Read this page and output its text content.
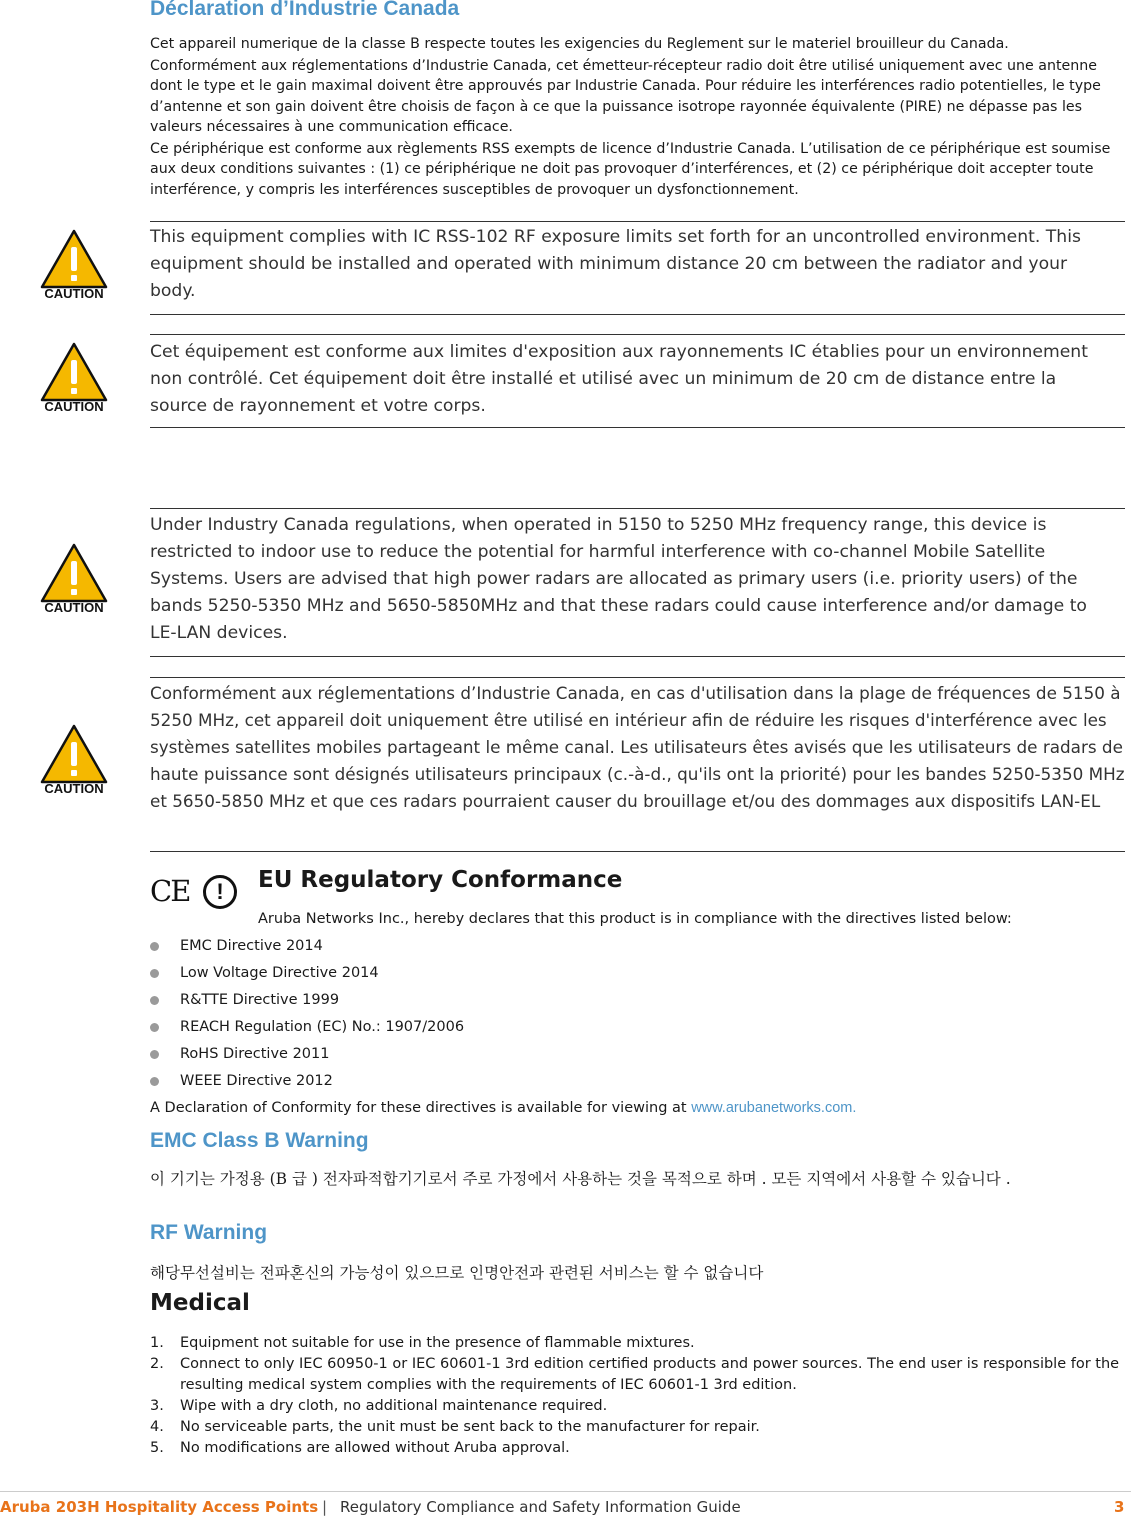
Déclaration d’Industrie Canada

Cet appareil numerique de la classe B respecte toutes les exigencies du Reglement sur le materiel brouilleur du Canada.

Conformément aux réglementations d’Industrie Canada, cet émetteur-récepteur radio doit être utilisé uniquement avec une antenne dont le type et le gain maximal doivent être approuvés par Industrie Canada. Pour réduire les interférences radio potentielles, le type d’antenne et son gain doivent être choisis de façon à ce que la puissance isotrope rayonnée équivalente (PIRE) ne dépasse pas les valeurs nécessaires à une communication efficace.

Ce périphérique est conforme aux règlements RSS exempts de licence d’Industrie Canada. L’utilisation de ce périphérique est soumise aux deux conditions suivantes : (1) ce périphérique ne doit pas provoquer d’interférences, et (2) ce périphérique doit accepter toute interférence, y compris les interférences susceptibles de provoquer un dysfonctionnement.

CAUTION

This equipment complies with IC RSS-102 RF exposure limits set forth for an uncontrolled environment. This equipment should be installed and operated with minimum distance 20 cm between the radiator and your body.

CAUTION

Cet équipement est conforme aux limites d'exposition aux rayonnements IC établies pour un environnement non contrôlé. Cet équipement doit être installé et utilisé avec un minimum de 20 cm de distance entre la source de rayonnement et votre corps.

CAUTION

Under Industry Canada regulations, when operated in 5150 to 5250 MHz frequency range, this device is restricted to indoor use to reduce the potential for harmful interference with co-channel Mobile Satellite Systems. Users are advised that high power radars are allocated as primary users (i.e. priority users) of the bands 5250-5350 MHz and 5650-5850MHz and that these radars could cause interference and/or damage to LE-LAN devices.

CAUTION

Conformément aux réglementations d’Industrie Canada, en cas d'utilisation dans la plage de fréquences de 5150 à 5250 MHz, cet appareil doit uniquement être utilisé en intérieur afin de réduire les risques d'interférence avec les systèmes satellites mobiles partageant le même canal. Les utilisateurs êtes avisés que les utilisateurs de radars de haute puissance sont désignés utilisateurs principaux (c.-à-d., qu'ils ont la priorité) pour les bandes 5250-5350 MHz et 5650-5850 MHz et que ces radars pourraient causer du brouillage et/ou des dommages aux dispositifs LAN-EL

CE	!	EU Regulatory Conformance

Aruba Networks Inc., hereby declares that this product is in compliance with the directives listed below:

EMC Directive 2014
Low Voltage Directive 2014
R&TTE Directive 1999
REACH Regulation (EC) No.: 1907/2006
RoHS Directive 2011
WEEE Directive 2012

A Declaration of Conformity for these directives is available for viewing at www.arubanetworks.com.

EMC Class B Warning

이 기기는 가정용 (B 급 ) 전자파적합기기로서 주로 가정에서 사용하는 것을 목적으로 하며 . 모든 지역에서 사용할 수 있습니다 .

RF Warning

해당무선설비는 전파혼신의 가능성이 있으므로 인명안전과 관련된 서비스는 할 수 없습니다

Medical
1. Equipment not suitable for use in the presence of flammable mixtures.
2. Connect to only IEC 60950-1 or IEC 60601-1 3rd edition certified products and power sources. The end user is responsible for the resulting medical system complies with the requirements of IEC 60601-1 3rd edition.
3. Wipe with a dry cloth, no additional maintenance required.
4. No serviceable parts, the unit must be sent back to the manufacturer for repair.
5. No modifications are allowed without Aruba approval.
Aruba 203H Hospitality Access Points | Regulatory Compliance and Safety Information Guide	3
